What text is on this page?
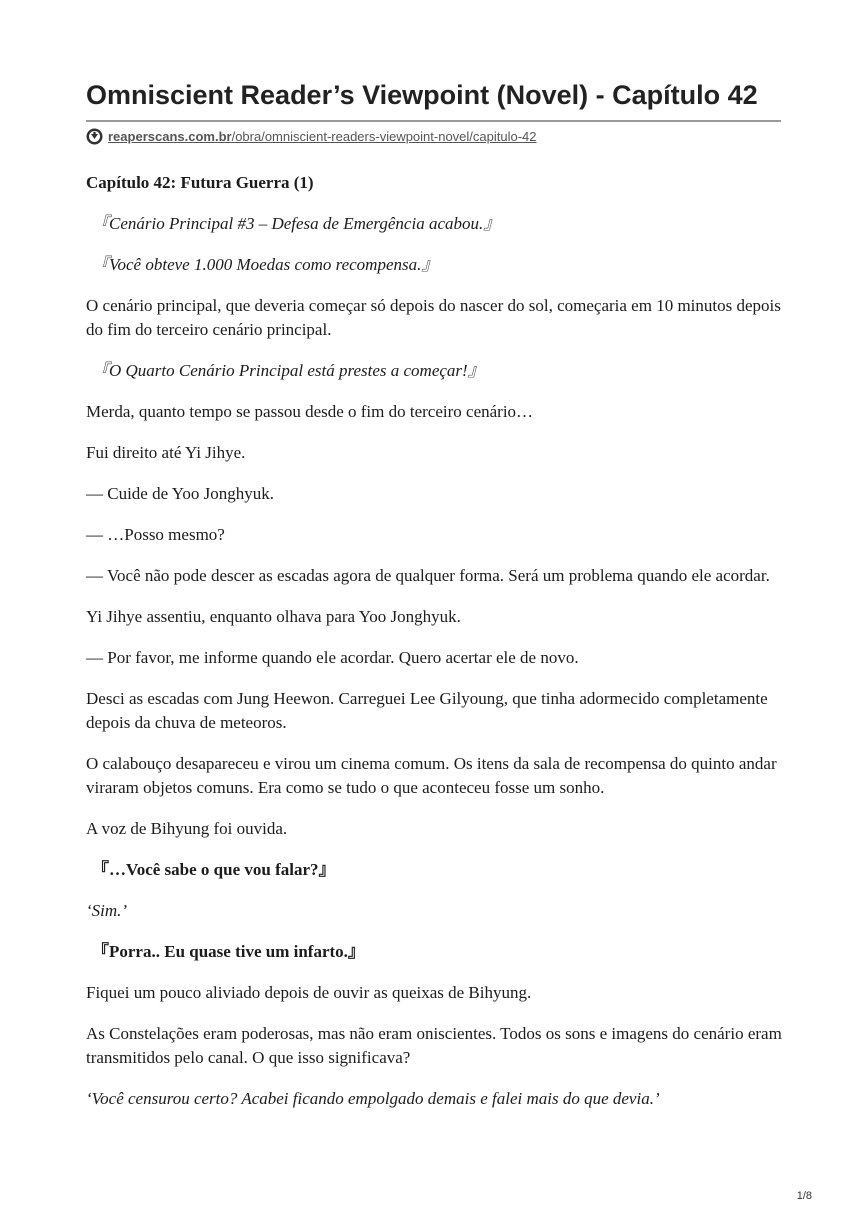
Omniscient Reader’s Viewpoint (Novel) - Capítulo 42
reaperscans.com.br/obra/omniscient-readers-viewpoint-novel/capitulo-42
Capítulo 42: Futura Guerra (1)

『Cenário Principal #3 – Defesa de Emergência acabou.』

『Você obteve 1.000 Moedas como recompensa.』

O cenário principal, que deveria começar só depois do nascer do sol, começaria em 10 minutos depois do fim do terceiro cenário principal.

『O Quarto Cenário Principal está prestes a começar!』

Merda, quanto tempo se passou desde o fim do terceiro cenário…

Fui direito até Yi Jihye.

— Cuide de Yoo Jonghyuk.

— …Posso mesmo?

— Você não pode descer as escadas agora de qualquer forma. Será um problema quando ele acordar.

Yi Jihye assentiu, enquanto olhava para Yoo Jonghyuk.

— Por favor, me informe quando ele acordar. Quero acertar ele de novo.

Desci as escadas com Jung Heewon. Carreguei Lee Gilyoung, que tinha adormecido completamente depois da chuva de meteoros.

O calabouço desapareceu e virou um cinema comum. Os itens da sala de recompensa do quinto andar viraram objetos comuns. Era como se tudo o que aconteceu fosse um sonho.

A voz de Bihyung foi ouvida.

『…Você sabe o que vou falar?』

‘Sim.’

『Porra.. Eu quase tive um infarto.』

Fiquei um pouco aliviado depois de ouvir as queixas de Bihyung.

As Constelações eram poderosas, mas não eram oniscientes. Todos os sons e imagens do cenário eram transmitidos pelo canal. O que isso significava?

‘Você censurou certo? Acabei ficando empolgado demais e falei mais do que devia.’

1/8
